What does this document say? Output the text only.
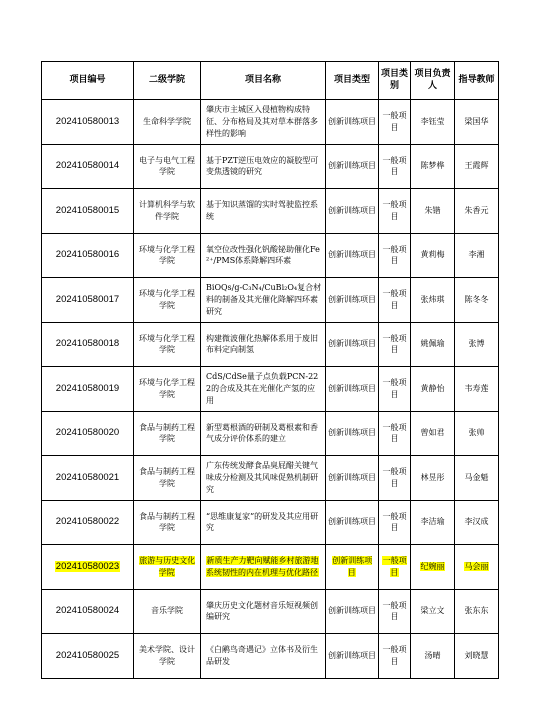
项目编号	二级学院	项目名称	项目类型	项目类别	项目负责人	指导教师
202410580013	生命科学学院	肇庆市主城区入侵植物构成特征、分布格局及其对草本群落多样性的影响	创新训练项目	一般项目	李钰莹	梁国华
202410580014	电子与电气工程学院	基于PZT逆压电效应的凝胶型可变焦透镜的研究	创新训练项目	一般项目	陈梦桦	王霞辉
202410580015	计算机科学与软件学院	基于知识蒸馏的实时驾驶监控系统	创新训练项目	一般项目	朱锴	朱香元
202410580016	环境与化学工程学院	氧空位改性强化钒酸铋助催化Fe²⁺/PMS体系降解四环素	创新训练项目	一般项目	黄莉梅	李湘
202410580017	环境与化学工程学院	BiOQs/g-C₃N₄/CuBi₂O₄复合材料的制备及其光催化降解四环素研究	创新训练项目	一般项目	张炜琪	陈冬冬
202410580018	环境与化学工程学院	构建微波催化热解体系用于废旧布料定向制氢	创新训练项目	一般项目	姚佩瑜	张博
202410580019	环境与化学工程学院	CdS/CdSe量子点负载PCN-222的合成及其在光催化产氢的应用	创新训练项目	一般项目	黄静怡	韦寿莲
202410580020	食品与制药工程学院	新型葛根酒的研制及葛根素和香气成分评价体系的建立	创新训练项目	一般项目	曾如君	张帅
202410580021	食品与制药工程学院	广东传统发酵食品臭屁醋关键气味成分检测及其风味促熟机制研究	创新训练项目	一般项目	林昱彤	马金魁
202410580022	食品与制药工程学院	“思维康复家”的研发及其应用研究	创新训练项目	一般项目	李洁瑜	李汉成
202410580023	旅游与历史文化学院	新质生产力靶向赋能乡村旅游地系统韧性的内在机理与优化路径	创新训练项目	一般项目	纪婉丽	马会丽
202410580024	音乐学院	肇庆历史文化题材音乐短视频创编研究	创新训练项目	一般项目	梁立文	张东东
202410580025	美术学院、设计学院	《白鹇鸟奇遇记》立体书及衍生品研发	创新训练项目	一般项目	汤晴	刘晓慧
